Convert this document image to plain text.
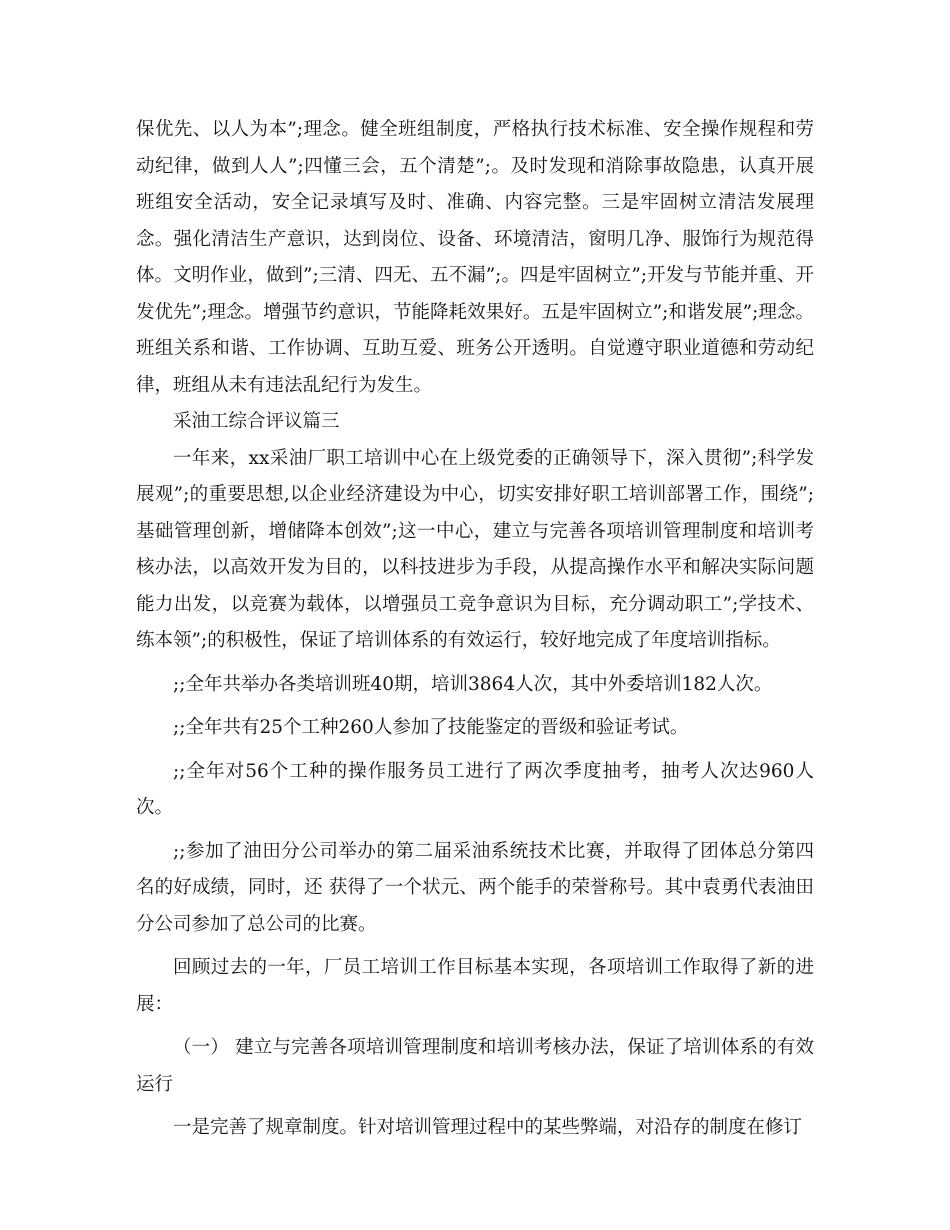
保优先、以人为本”;理念。健全班组制度，严格执行技术标准、安全操作规程和劳动纪律，做到人人”;四懂三会，五个清楚”;。及时发现和消除事故隐患，认真开展班组安全活动，安全记录填写及时、准确、内容完整。三是牢固树立清洁发展理念。强化清洁生产意识，达到岗位、设备、环境清洁，窗明几净、服饰行为规范得体。文明作业，做到”;三清、四无、五不漏”;。四是牢固树立”;开发与节能并重、开发优先”;理念。增强节约意识，节能降耗效果好。五是牢固树立”;和谐发展”;理念。班组关系和谐、工作协调、互助互爱、班务公开透明。自觉遵守职业道德和劳动纪律，班组从未有违法乱纪行为发生。

采油工综合评议篇三

一年来，xx采油厂职工培训中心在上级党委的正确领导下，深入贯彻”;科学发展观”;的重要思想,以企业经济建设为中心，切实安排好职工培训部署工作，围绕”;基础管理创新，增储降本创效”;这一中心，建立与完善各项培训管理制度和培训考核办法，以高效开发为目的，以科技进步为手段，从提高操作水平和解决实际问题能力出发，以竞赛为载体，以增强员工竞争意识为目标，充分调动职工”;学技术、练本领”;的积极性，保证了培训体系的有效运行，较好地完成了年度培训指标。

;;全年共举办各类培训班40期，培训3864人次，其中外委培训182人次。

;;全年共有25个工种260人参加了技能鉴定的晋级和验证考试。

;;全年对56个工种的操作服务员工进行了两次季度抽考，抽考人次达960人次。

;;参加了油田分公司举办的第二届采油系统技术比赛，并取得了团体总分第四名的好成绩，同时，还 获得了一个状元、两个能手的荣誉称号。其中袁勇代表油田分公司参加了总公司的比赛。

回顾过去的一年，厂员工培训工作目标基本实现，各项培训工作取得了新的进展：

（一） 建立与完善各项培训管理制度和培训考核办法，保证了培训体系的有效运行

一是完善了规章制度。针对培训管理过程中的某些弊端，对沿存的制度在修订
